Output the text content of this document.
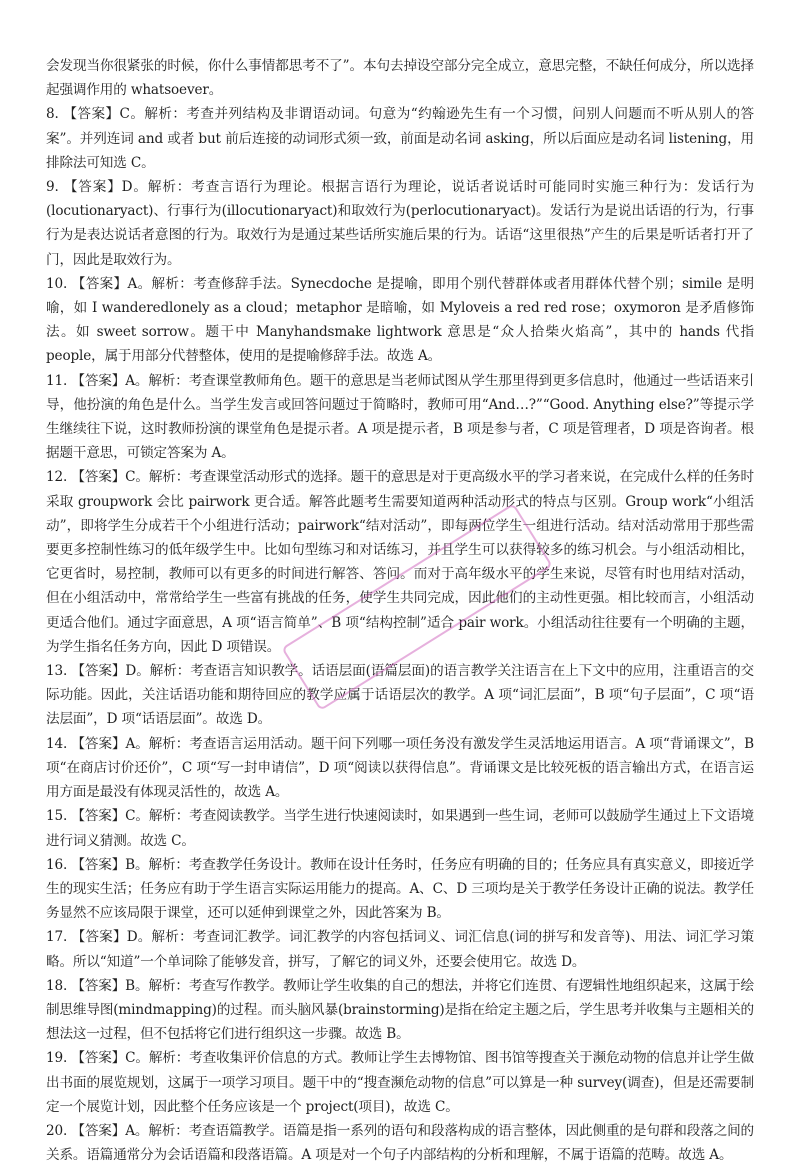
会发现当你很紧张的时候，你什么事情都思考不了”。本句去掉设空部分完全成立，意思完整，不缺任何成分，所以选择起强调作用的 whatsoever。

8. 【答案】C。解析：考查并列结构及非谓语动词。句意为“约翰逊先生有一个习惯，问别人问题而不听从别人的答案”。并列连词 and 或者 but 前后连接的动词形式须一致，前面是动名词 asking，所以后面应是动名词 listening，用排除法可知选 C。

9. 【答案】D。解析：考查言语行为理论。根据言语行为理论，说话者说话时可能同时实施三种行为：发话行为(locutionaryact)、行事行为(illocutionaryact)和取效行为(perlocutionaryact)。发话行为是说出话语的行为，行事行为是表达说话者意图的行为。取效行为是通过某些话所实施后果的行为。话语“这里很热”产生的后果是听话者打开了门，因此是取效行为。

10. 【答案】A。解析：考查修辞手法。Synecdoche 是提喻，即用个别代替群体或者用群体代替个别；simile 是明喻，如 I wanderedlonely as a cloud；metaphor 是暗喻，如 Myloveis a red red rose；oxymoron 是矛盾修饰法。如 sweet sorrow。题干中 Manyhandsmake lightwork 意思是“众人拾柴火焰高”，其中的 hands 代指 people，属于用部分代替整体，使用的是提喻修辞手法。故选 A。

11. 【答案】A。解析：考查课堂教师角色。题干的意思是当老师试图从学生那里得到更多信息时，他通过一些话语来引导，他扮演的角色是什么。当学生发言或回答问题过于简略时，教师可用“And…?”“Good. Anything else?”等提示学生继续往下说，这时教师扮演的课堂角色是提示者。A 项是提示者，B 项是参与者，C 项是管理者，D 项是咨询者。根据题干意思，可锁定答案为 A。

12. 【答案】C。解析：考查课堂活动形式的选择。题干的意思是对于更高级水平的学习者来说，在完成什么样的任务时采取 groupwork 会比 pairwork 更合适。解答此题考生需要知道两种活动形式的特点与区别。Group work“小组活动”，即将学生分成若干个小组进行活动；pairwork“结对活动”，即每两位学生一组进行活动。结对活动常用于那些需要更多控制性练习的低年级学生中。比如句型练习和对话练习，并且学生可以获得较多的练习机会。与小组活动相比，它更省时，易控制，教师可以有更多的时间进行解答、答问。而对于高年级水平的学生来说，尽管有时也用结对活动，但在小组活动中，常常给学生一些富有挑战的任务，使学生共同完成，因此他们的主动性更强。相比较而言，小组活动更适合他们。通过字面意思，A 项“语言简单”、B 项“结构控制”适合 pair work。小组活动往往要有一个明确的主题，为学生指名任务方向，因此 D 项错误。

13. 【答案】D。解析：考查语言知识教学。话语层面(语篇层面)的语言教学关注语言在上下文中的应用，注重语言的交际功能。因此，关注话语功能和期待回应的教学应属于话语层次的教学。A 项“词汇层面”，B 项“句子层面”，C 项“语法层面”，D 项“话语层面”。故选 D。

14. 【答案】A。解析：考查语言运用活动。题干问下列哪一项任务没有激发学生灵活地运用语言。A 项“背诵课文”，B 项“在商店讨价还价”，C 项“写一封申请信”，D 项“阅读以获得信息”。背诵课文是比较死板的语言输出方式，在语言运用方面是最没有体现灵活性的，故选 A。

15. 【答案】C。解析：考查阅读教学。当学生进行快速阅读时，如果遇到一些生词，老师可以鼓励学生通过上下文语境进行词义猜测。故选 C。

16. 【答案】B。解析：考查教学任务设计。教师在设计任务时，任务应有明确的目的；任务应具有真实意义，即接近学生的现实生活；任务应有助于学生语言实际运用能力的提高。A、C、D 三项均是关于教学任务设计正确的说法。教学任务显然不应该局限于课堂，还可以延伸到课堂之外，因此答案为 B。

17. 【答案】D。解析：考查词汇教学。词汇教学的内容包括词义、词汇信息(词的拼写和发音等)、用法、词汇学习策略。所以“知道”一个单词除了能够发音，拼写，了解它的词义外，还要会使用它。故选 D。

18. 【答案】B。解析：考查写作教学。教师让学生收集的自己的想法，并将它们连贯、有逻辑性地组织起来，这属于绘制思维导图(mindmapping)的过程。而头脑风暴(brainstorming)是指在给定主题之后，学生思考并收集与主题相关的想法这一过程，但不包括将它们进行组织这一步骤。故选 B。

19. 【答案】C。解析：考查收集评价信息的方式。教师让学生去博物馆、图书馆等搜查关于濒危动物的信息并让学生做出书面的展览规划，这属于一项学习项目。题干中的“搜查濒危动物的信息”可以算是一种 survey(调查)，但是还需要制定一个展览计划，因此整个任务应该是一个 project(项目)，故选 C。

20. 【答案】A。解析：考查语篇教学。语篇是指一系列的语句和段落构成的语言整体，因此侧重的是句群和段落之间的关系。语篇通常分为会话语篇和段落语篇。A 项是对一个句子内部结构的分析和理解，不属于语篇的范畴。故选 A。
